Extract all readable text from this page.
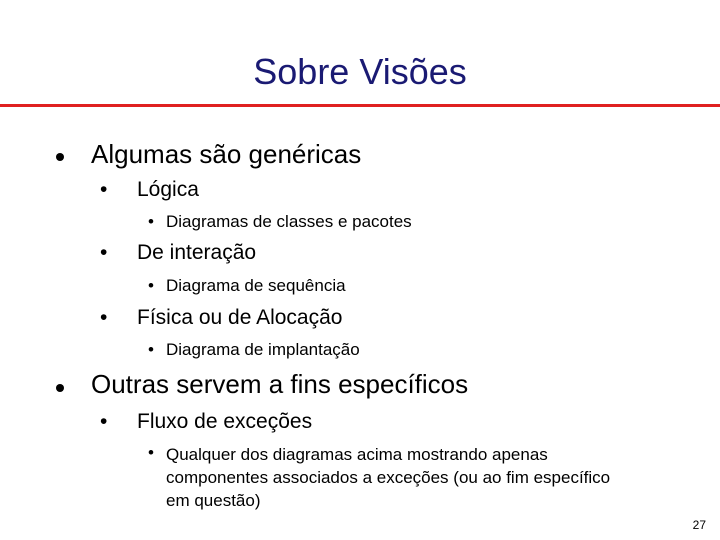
Sobre Visões
Algumas são genéricas
• Lógica
• Diagramas de classes e pacotes
• De interação
• Diagrama de sequência
• Física ou de Alocação
• Diagrama de implantação
Outras servem a fins específicos
• Fluxo de exceções
• Qualquer dos diagramas acima mostrando apenas componentes associados a exceções (ou ao fim específico em questão)
27
